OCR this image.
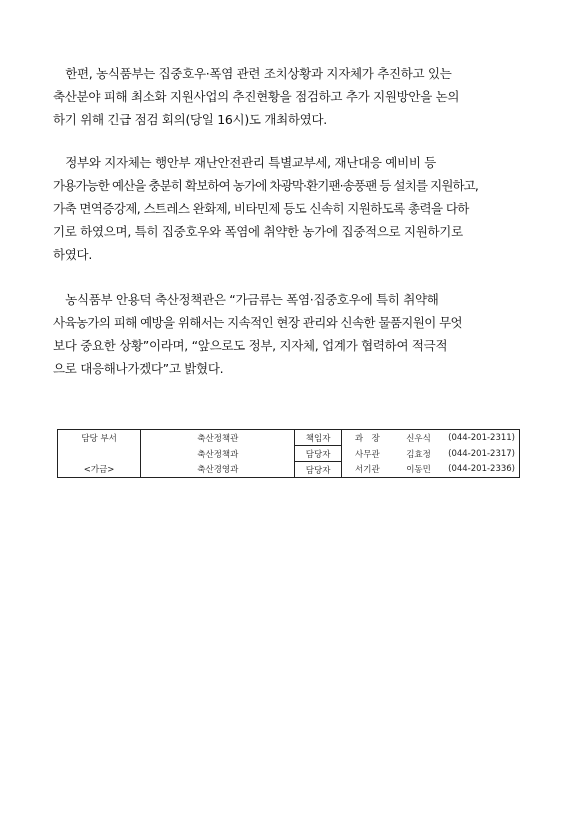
　한편, 농식품부는 집중호우·폭염 관련 조치상황과 지자체가 추진하고 있는
축산분야 피해 최소화 지원사업의 추진현황을 점검하고 추가 지원방안을 논의
하기 위해 긴급 점검 회의(당일 16시)도 개최하였다.
　정부와 지자체는 행안부 재난안전관리 특별교부세, 재난대응 예비비 등
가용가능한 예산을 충분히 확보하여 농가에 차광막·환기팬·송풍팬 등 설치를 지원하고,
가축 면역증강제, 스트레스 완화제, 비타민제 등도 신속히 지원하도록 총력을 다하
기로 하였으며, 특히 집중호우와 폭염에 취약한 농가에 집중적으로 지원하기로
하였다.
　농식품부 안용덕 축산정책관은 “가금류는 폭염·집중호우에 특히 취약해
사육농가의 피해 예방을 위해서는 지속적인 현장 관리와 신속한 물품지원이 무엇
보다 중요한 상황”이라며, “앞으로도 정부, 지자체, 업계가 협력하여 적극적
으로 대응해나가겠다”고 밝혔다.
담당 부서	축산정책관	책임자	과　장	신우식	(044-201-2311)
	축산정책과	담당자	사무관	김효정	(044-201-2317)
<가금>	축산경영과	담당자	서기관	이동민	(044-201-2336)
